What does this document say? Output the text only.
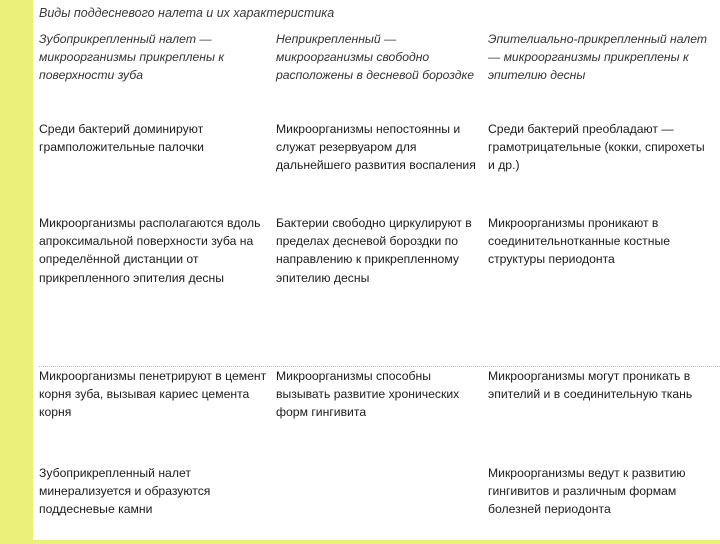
Виды поддесневого налета и их характеристика
Зубоприкрепленный налет — микроорганизмы прикреплены к поверхности зуба
Неприкрепленный — микроорганизмы свободно расположены в десневой бороздке
Эпителиально-прикрепленный налет — микроорганизмы прикреплены к эпителию десны
Среди бактерий доминируют грамположительные палочки
Микроорганизмы непостоянны и служат резервуаром для дальнейшего развития воспаления
Среди бактерий преобладают — грамотрицательные (кокки, спирохеты и др.)
Микроорганизмы располагаются вдоль апроксимальной поверхности зуба на определённой дистанции от прикрепленного эпителия десны
Бактерии свободно циркулируют в пределах десневой бороздки по направлению к прикрепленному эпителию десны
Микроорганизмы проникают в соединительнотканные костные структуры периодонта
Микроорганизмы пенетрируют в цемент корня зуба, вызывая кариес цемента корня
Микроорганизмы способны вызывать развитие хронических форм гингивита
Микроорганизмы могут проникать в эпителий и в соединительную ткань
Зубоприкрепленный налет минерализуется и образуются поддесневые камни
Микроорганизмы ведут к развитию гингивитов и различным формам болезней периодонта
